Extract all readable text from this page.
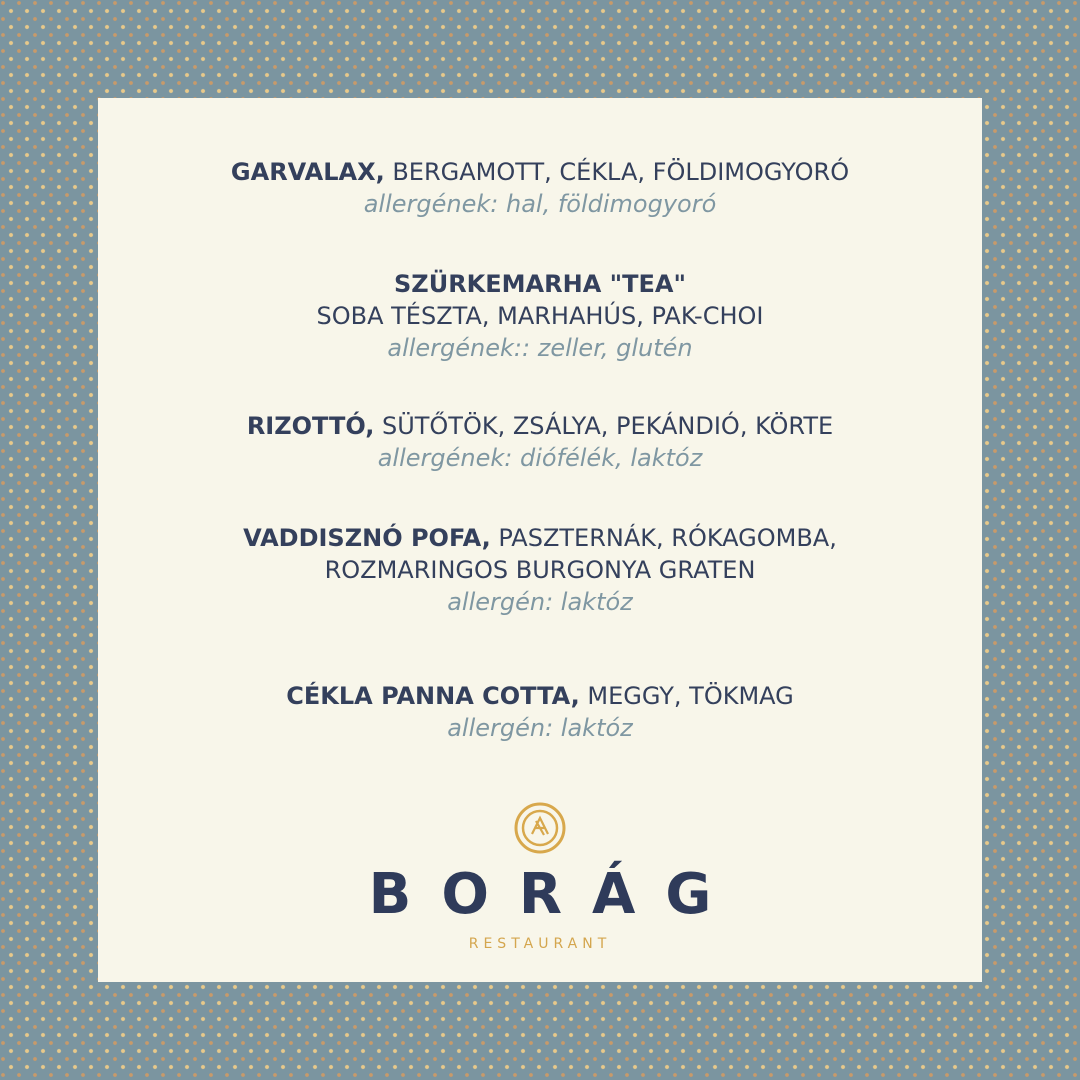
GARVALAX, BERGAMOTT, CÉKLA, FÖLDIMOGYORÓ
allergének: hal, földimogyoró
SZÜRKEMARHA "TEA"
SOBA TÉSZTA, MARHAHÚS, PAK-CHOI
allergének:: zeller, glutén
RIZOTTÓ, SÜTŐTÖK, ZSÁLYA, PEKÁNDIÓ, KÖRTE
allergének: diófélék, laktóz
VADDISZNÓ POFA, PASZTERNÁK, RÓKAGOMBA,
ROZMARINGOS BURGONYA GRATEN
allergén: laktóz
CÉKLA PANNA COTTA, MEGGY, TÖKMAG
allergén: laktóz
BORÁG
RESTAURANT
